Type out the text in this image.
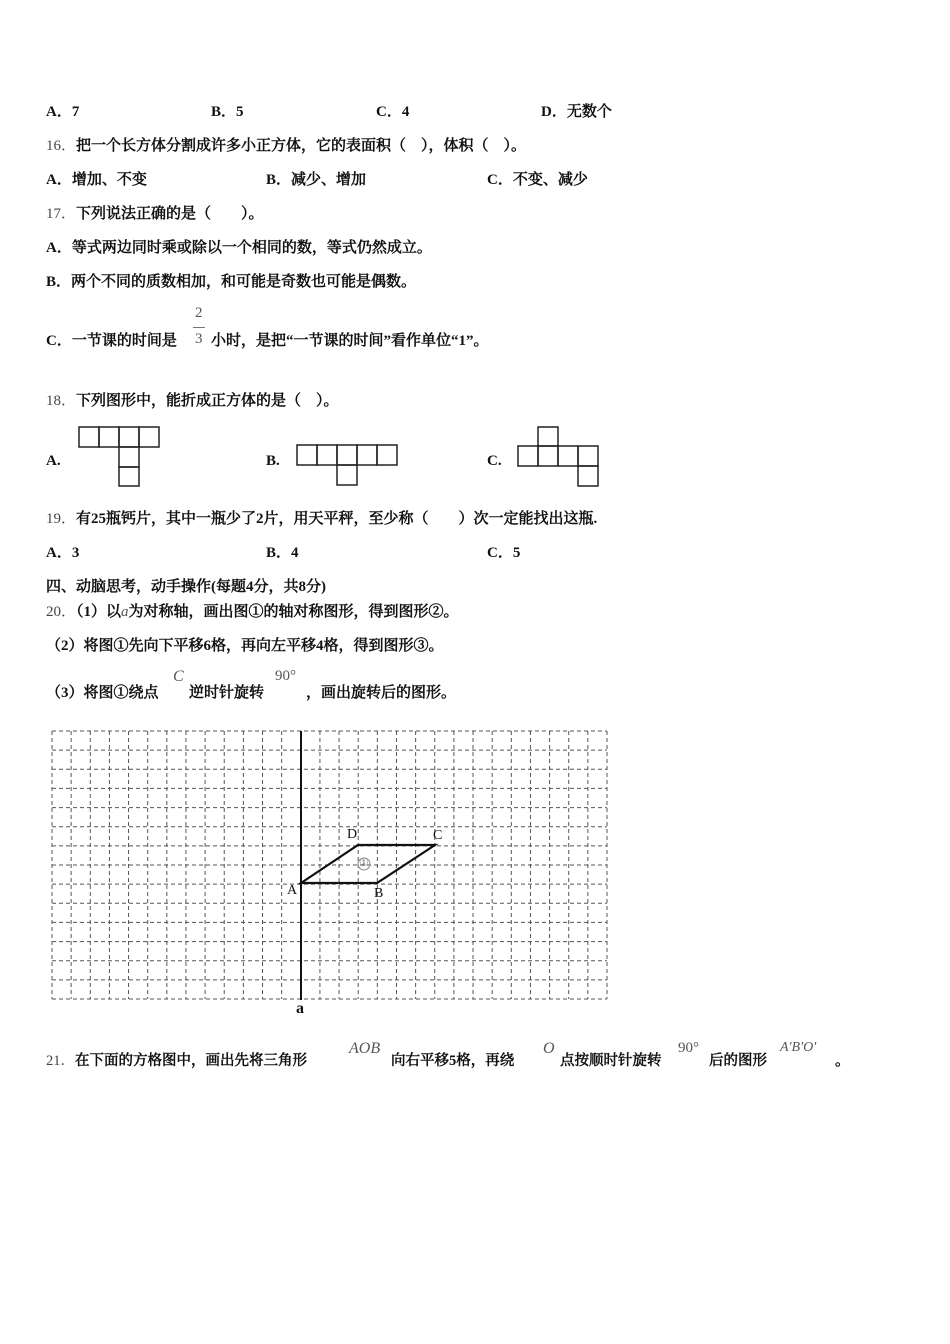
A．7	B．5	C．4	D．无数个
16．把一个长方体分割成许多小正方体，它的表面积（　），体积（　）。
A．增加、不变	B．减少、增加	C．不变、减少
17．下列说法正确的是（　　）。
A．等式两边同时乘或除以一个相同的数，等式仍然成立。
B．两个不同的质数相加，和可能是奇数也可能是偶数。
C．一节课的时间是
2
3 小时，是把“一节课的时间”看作单位“1”。
18．下列图形中，能折成正方体的是（　）。
A.	B.	C.
19．有25瓶钙片，其中一瓶少了2片，用天平秤，至少称（　　）次一定能找出这瓶.
A．3	B．4	C．5
①
A	B
C
D
a
四、动脑思考，动手操作(每题4分，共8分)
20．（1）以a为对称轴，画出图①的轴对称图形，得到图形②。
（2）将图①先向下平移6格，再向左平移4格，得到图形③。
（3）将图①绕点
C
逆时针旋转
90°
，画出旋转后的图形。
21．在下面的方格图中，画出先将三角形
AOB
向右平移5格，再绕
O
点按顺时针旋转
90°
后的图形
A'B'O'
。
